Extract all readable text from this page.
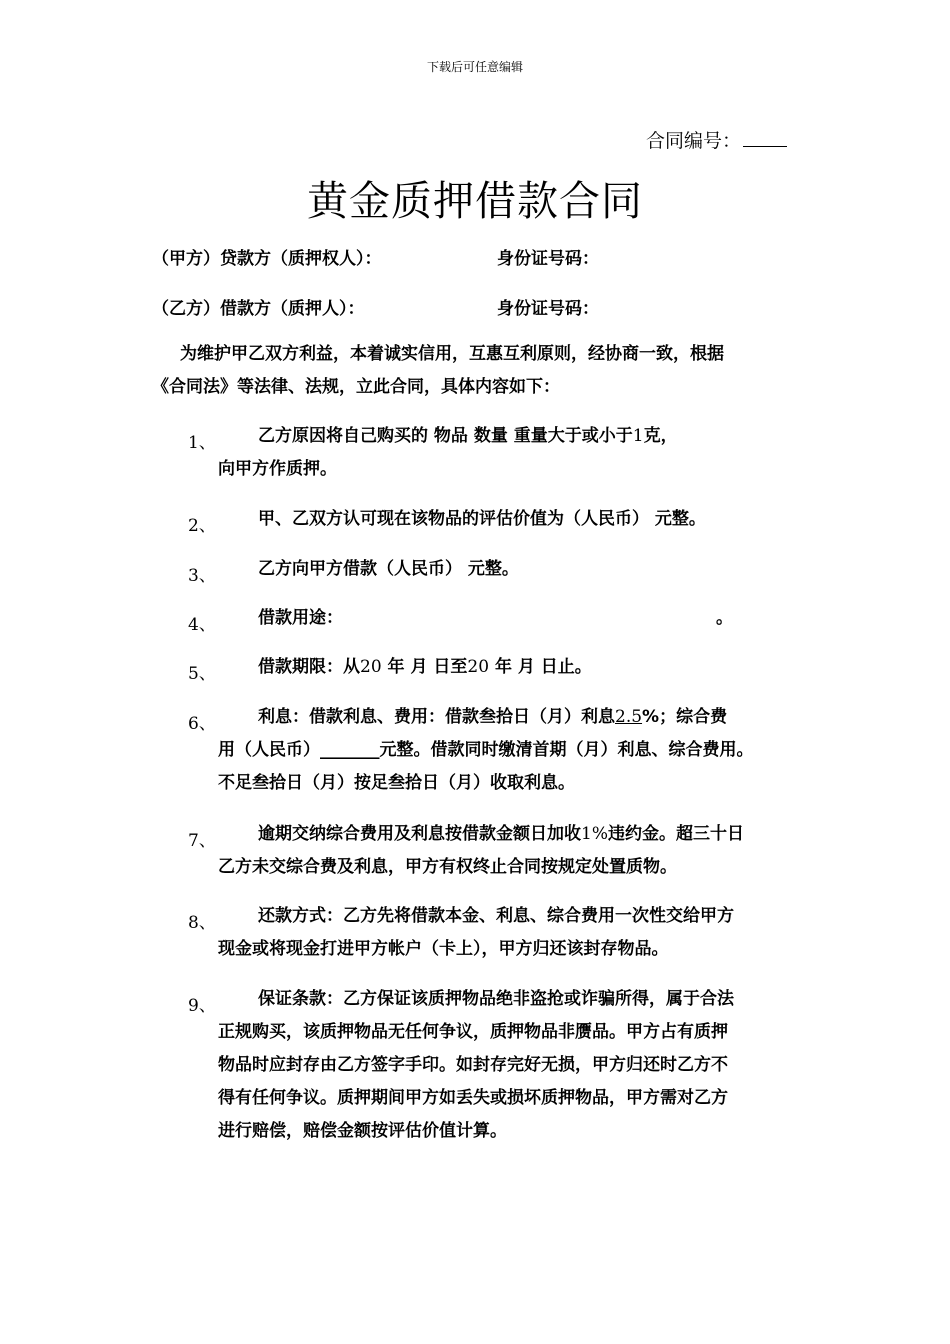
下载后可任意编辑
合同编号：
黄金质押借款合同
（甲方）贷款方（质押权人）：	身份证号码：
（乙方）借款方（质押人）：	身份证号码：
为维护甲乙双方利益，本着诚实信用，互惠互利原则，经协商一致，根据
《合同法》等法律、法规，立此合同，具体内容如下：
1、 乙方原因将自己购买的 物品 数量 重量大于或小于1克，
向甲方作质押。
2、 甲、乙双方认可现在该物品的评估价值为（人民币） 元整。
3、 乙方向甲方借款（人民币） 元整。
4、 借款用途：	。
5、 借款期限：从20 年 月 日至20 年 月 日止。
6、 利息：借款利息、费用：借款叁拾日（月）利息2.5%；综合费
用（人民币）_______元整。借款同时缴清首期（月）利息、综合费用。
不足叁拾日（月）按足叁拾日（月）收取利息。
7、 逾期交纳综合费用及利息按借款金额日加收1%违约金。超三十日
乙方未交综合费及利息，甲方有权终止合同按规定处置质物。
8、 还款方式：乙方先将借款本金、利息、综合费用一次性交给甲方
现金或将现金打进甲方帐户（卡上），甲方归还该封存物品。
9、 保证条款：乙方保证该质押物品绝非盗抢或诈骗所得，属于合法
正规购买，该质押物品无任何争议，质押物品非赝品。甲方占有质押
物品时应封存由乙方签字手印。如封存完好无损，甲方归还时乙方不
得有任何争议。质押期间甲方如丢失或损坏质押物品，甲方需对乙方
进行赔偿，赔偿金额按评估价值计算。
